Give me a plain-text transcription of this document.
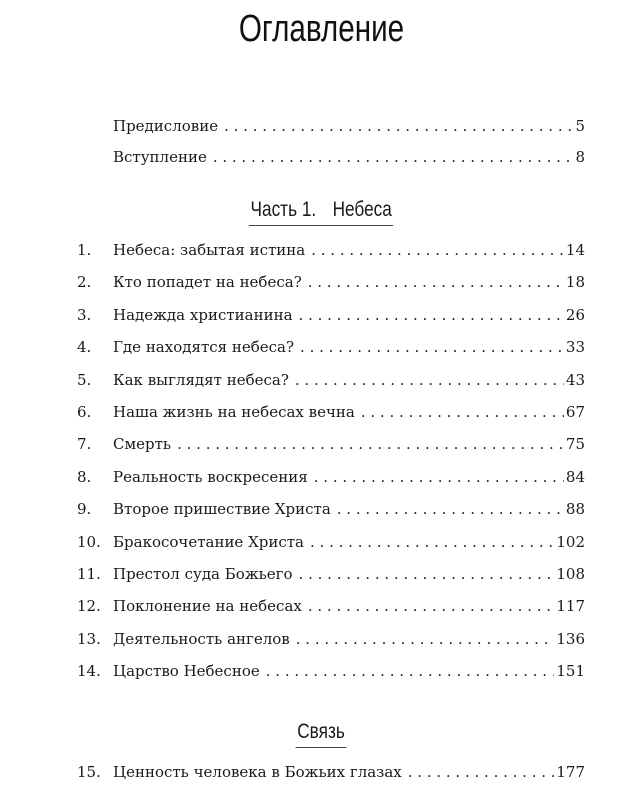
Оглавление
Предисловие . . .	5
Вступление . . .	8
Часть 1. Небеса
1. Небеса: забытая истина . . .	14
2. Кто попадет на небеса? . . .	18
3. Надежда христианина . . .	26
4. Где находятся небеса? . . .	33
5. Как выглядят небеса? . . .	43
6. Наша жизнь на небесах вечна . . .	67
7. Смерть . . .	75
8. Реальность воскресения . . .	84
9. Второе пришествие Христа . . .	88
10. Бракосочетание Христа . . .	102
11. Престол суда Божьего . . .	108
12. Поклонение на небесах . . .	117
13. Деятельность ангелов . . .	136
14. Царство Небесное . . .	151
Связь
15. Ценность человека в Божьих глазах . . .	177
